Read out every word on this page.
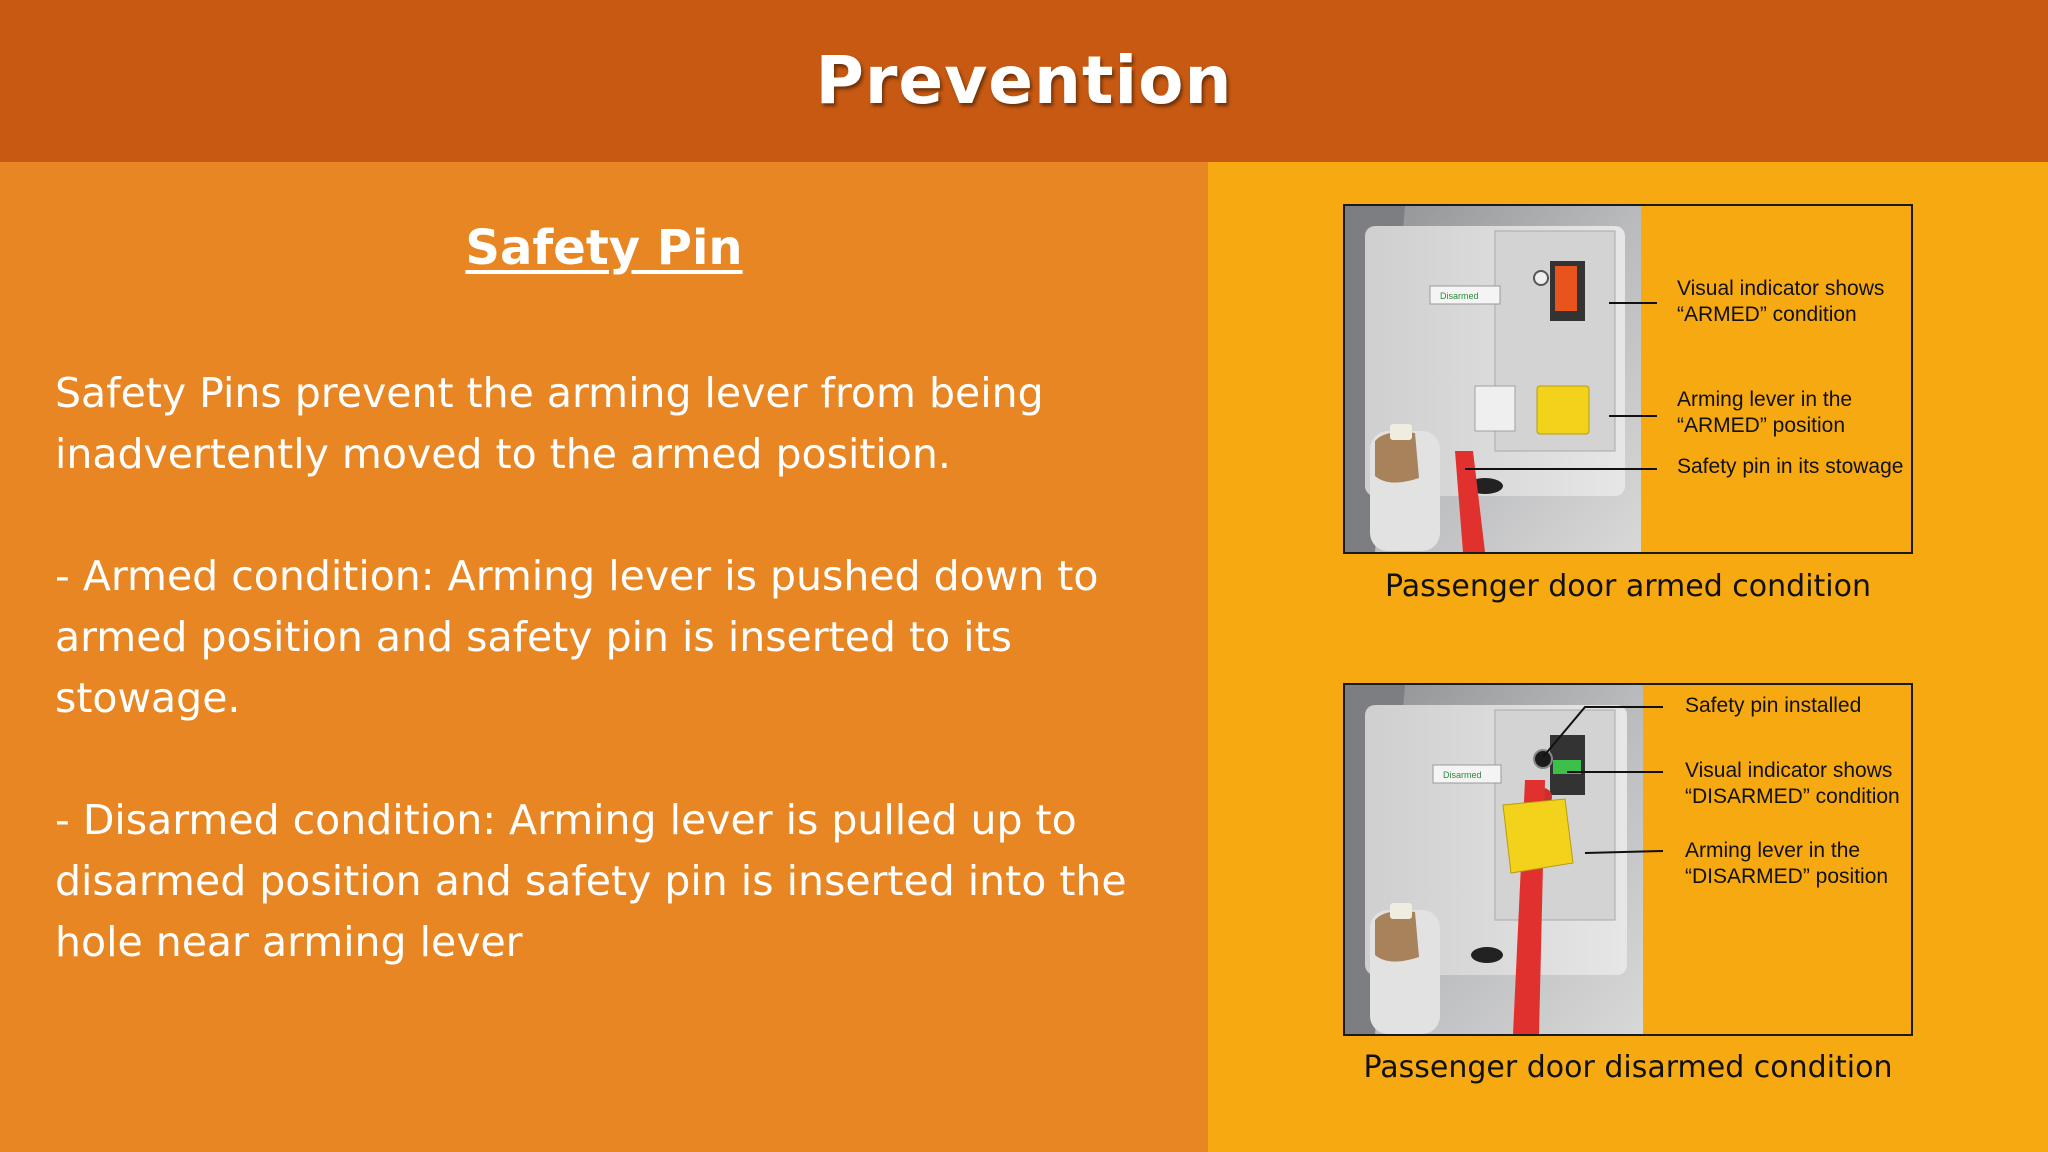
Prevention
Safety Pin

Safety Pins prevent the arming lever from being inadvertently moved to the armed position.

- Armed condition: Arming lever is pushed down to armed position and safety pin is inserted to its stowage.

- Disarmed condition: Arming lever is pulled up to disarmed position and safety pin is inserted into the hole near arming lever

Disarmed	Visual indicator shows
“ARMED” condition
Arming lever in the
“ARMED” position
Safety pin in its stowage
Passenger door armed condition
Disarmed
Safety pin installed
Visual indicator shows
“DISARMED” condition
Arming lever in the
“DISARMED” position
Passenger door disarmed condition
